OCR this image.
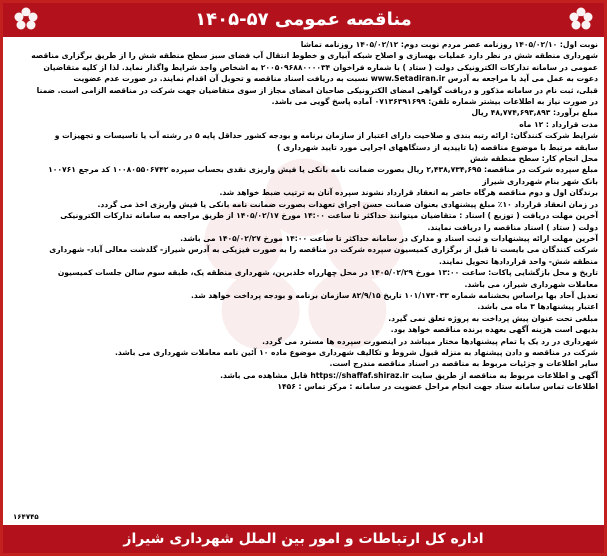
مناقصه عمومی ۵۷-۱۴۰۵
نوبت اول: ۱۴۰۵/۰۲/۱۰ روزنامه عصر مردم نوبت دوم: ۱۴۰۵/۰۲/۱۲ روزنامه تماشا
شهرداری منطقه شش در نظر دارد عملیات بهسازی و اصلاح شبکه آبیاری و خطوط انتقال آب فضای سبز سطح منطقه شش را از طریق برگزاری مناقصه
عمومی در سامانه تدارکات الکترونیکی دولت ( ستاد ) با شماره فراخوان ۲۰۰۵۰۹۶۸۸۰۰۰۰۳۴ به اشخاص واجد شرایط واگذار نماید. لذا از کلیه متقاضیان
دعوت به عمل می آید با مراجعه به آدرس www.Setadiran.ir نسبت به دریافت اسناد مناقصه و تحویل آن اقدام نمایند. در صورت عدم عضویت
قبلی، ثبت نام در سامانه مذکور و دریافت گواهی امضای الکترونیکی صاحبان امضای مجاز از سوی متقاضیان جهت شرکت در مناقصه الزامی است. ضمنا
در صورت نیاز به اطلاعات بیشتر شماره تلفن: ۰۷۱۳۶۳۹۱۶۹۹ آماده پاسخ گویی می باشد.
مبلغ برآورد: ۴۸,۷۷۴,۶۹۳,۸۹۳ ریال
مدت قرارداد : ۱۲ ماه
شرایط شرکت کنندگان: ارائه رتبه بندی و صلاحیت دارای اعتبار از سازمان برنامه و بودجه کشور حداقل پایه ۵ در رشته آب یا تاسیسات و تجهیزات و
سابقه مرتبط با موضوع مناقصه (با تاییدیه از دستگاههای اجرایی مورد تایید شهرداری )
محل انجام کار: سطح منطقه شش
مبلغ سپرده شرکت در مناقصه: ۲,۴۳۸,۷۳۴,۶۹۵ ریال بصورت ضمانت نامه بانکی یا فیش واریزی نقدی بحساب سپرده ۱۰۰۸۰۵۵۰۶۷۴۲ کد مرجع ۱۰۰۷۶۱
بانک شهر بنام شهرداری شیراز
برندگان اول و دوم مناقصه هرگاه حاضر به انعقاد قرارداد نشوند سپرده آنان به ترتیب ضبط خواهد شد.
در زمان انعقاد قرارداد ۱۰٪ مبلغ پیشنهادی بعنوان ضمانت حسن اجرای تعهدات بصورت ضمانت نامه بانکی یا فیش واریزی اخذ می گردد.
آخرین مهلت دریافت ( توزیع ) اسناد : متقاضیان میتوانند حداکثر تا ساعت ۱۴:۰۰ مورخ ۱۴۰۵/۰۲/۱۷ از طریق مراجعه به سامانه تدارکات الکترونیکی
دولت ( ستاد ) اسناد مناقصه را دریافت نمایند.
آخرین مهلت ارائه پیشنهادات و ثبت اسناد و مدارک در سامانه حداکثر تا ساعت ۱۴:۰۰ مورخ ۱۴۰۵/۰۲/۲۷ می باشد.
شرکت کنندگان می بایست تا قبل از برگزاری کمیسیون سپرده شرکت در مناقصه را به صورت فیزیکی به آدرس شیراز- گلدشت معالی آباد- شهرداری
منطقه شش- واحد قراردادها تحویل نمایند.
تاریخ و محل بازگشایی پاکات: ساعت ۱۳:۰۰ مورخ ۱۴۰۵/۰۲/۲۹ در محل چهارراه خلدبرین، شهرداری منطقه یک، طبقه سوم سالن جلسات کمیسیون
معاملات شهرداری شیراز، می باشد.
تعدیل آحاد بها براساس بخشنامه شماره ۱۰۱/۱۷۳۰۳۳ تاریخ ۸۲/۹/۱۵ سازمان برنامه و بودجه پرداخت خواهد شد.
اعتبار پیشنهادها ۳ ماه می باشد.
مبلغی تحت عنوان پیش پرداخت به پروژه تعلق نمی گیرد.
بدیهی است هزینه آگهی بعهده برنده مناقصه خواهد بود.
شهرداری در رد یک یا تمام پیشنهادها مختار میباشد در اینصورت سپرده ها مسترد می گردد.
شرکت در مناقصه و دادن پیشنهاد به منزله قبول شروط و تکالیف شهرداری موضوع ماده ۱۰ آئین نامه معاملات شهرداری می باشد.
سایر اطلاعات و جزئیات مربوط به مناقصه در اسناد مناقصه مندرج است.
آگهی و اطلاعات مربوط به مناقصه از طریق سایت https://shaffaf.shiraz.ir قابل مشاهده می باشد.
اطلاعات تماس سامانه ستاد جهت انجام مراحل عضویت در سامانه : مرکز تماس : ۱۴۵۶
۱۶۴۷۴۵
اداره کل ارتباطات و امور بین الملل شهرداری شیراز
